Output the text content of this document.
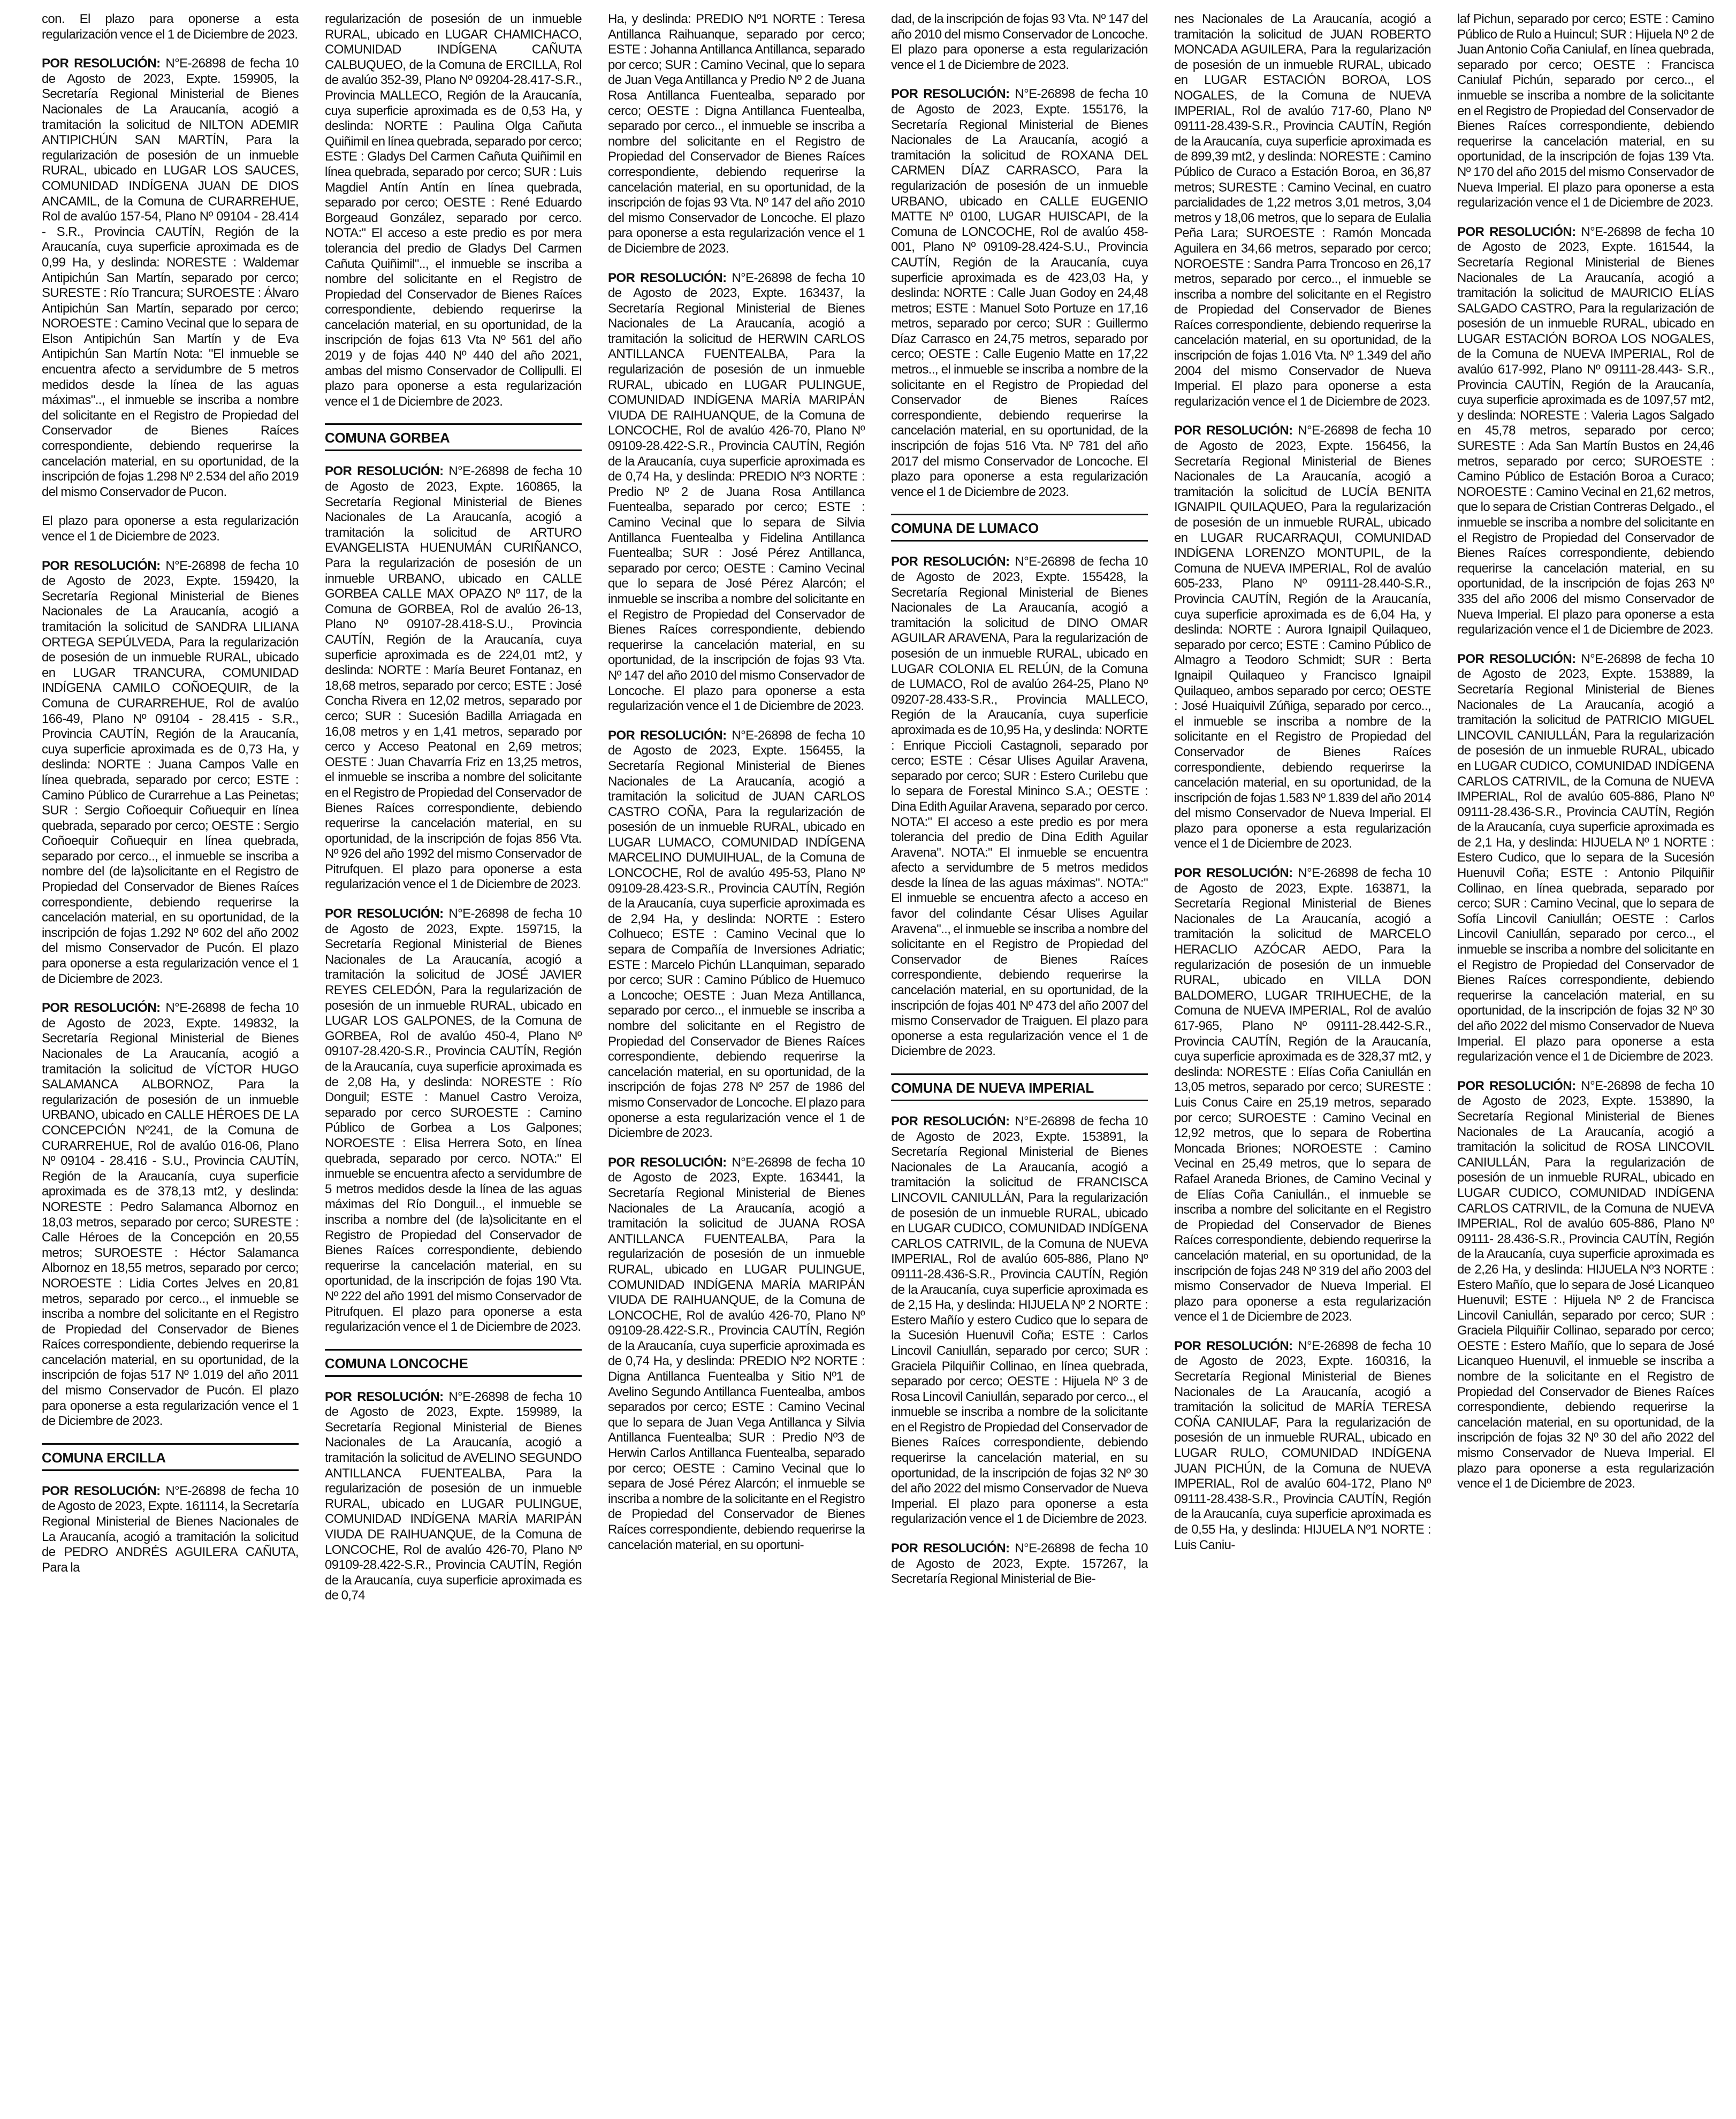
con. El plazo para oponerse a esta regularización vence el 1 de Diciembre de 2023.

POR RESOLUCIÓN: N°E-26898 de fecha 10 de Agosto de 2023, Expte. 159905, la Secretaría Regional Ministerial de Bienes Nacionales de La Araucanía, acogió a tramitación la solicitud de NILTON ADEMIR ANTIPICHÚN SAN MARTÍN, Para la regularización de posesión de un inmueble RURAL, ubicado en LUGAR LOS SAUCES, COMUNIDAD INDÍGENA JUAN DE DIOS ANCAMIL, de la Comuna de CURARREHUE, Rol de avalúo 157-54, Plano Nº 09104 - 28.414 - S.R., Provincia CAUTÍN, Región de la Araucanía, cuya superficie aproximada es de 0,99 Ha, y deslinda: NORESTE : Waldemar Antipichún San Martín, separado por cerco; SURESTE : Río Trancura; SUROESTE : Álvaro Antipichún San Martín, separado por cerco; NOROESTE : Camino Vecinal que lo separa de Elson Antipichún San Martín y de Eva Antipichún San Martín Nota: "El inmueble se encuentra afecto a servidumbre de 5 metros medidos desde la línea de las aguas máximas".., el inmueble se inscriba a nombre del solicitante en el Registro de Propiedad del Conservador de Bienes Raíces correspondiente, debiendo requerirse la cancelación material, en su oportunidad, de la inscripción de fojas 1.298 Nº 2.534 del año 2019 del mismo Conservador de Pucon.

El plazo para oponerse a esta regularización vence el 1 de Diciembre de 2023.

POR RESOLUCIÓN: N°E-26898 de fecha 10 de Agosto de 2023, Expte. 159420, la Secretaría Regional Ministerial de Bienes Nacionales de La Araucanía, acogió a tramitación la solicitud de SANDRA LILIANA ORTEGA SEPÚLVEDA, Para la regularización de posesión de un inmueble RURAL, ubicado en LUGAR TRANCURA, COMUNIDAD INDÍGENA CAMILO COÑOEQUIR, de la Comuna de CURARREHUE, Rol de avalúo 166-49, Plano Nº 09104 - 28.415 - S.R., Provincia CAUTÍN, Región de la Araucanía, cuya superficie aproximada es de 0,73 Ha, y deslinda: NORTE : Juana Campos Valle en línea quebrada, separado por cerco; ESTE : Camino Público de Curarrehue a Las Peinetas; SUR : Sergio Coñoequir Coñuequir en línea quebrada, separado por cerco; OESTE : Sergio Coñoequir Coñuequir en línea quebrada, separado por cerco.., el inmueble se inscriba a nombre del (de la)solicitante en el Registro de Propiedad del Conservador de Bienes Raíces correspondiente, debiendo requerirse la cancelación material, en su oportunidad, de la inscripción de fojas 1.292 Nº 602 del año 2002 del mismo Conservador de Pucón. El plazo para oponerse a esta regularización vence el 1 de Diciembre de 2023.

POR RESOLUCIÓN: N°E-26898 de fecha 10 de Agosto de 2023, Expte. 149832, la Secretaría Regional Ministerial de Bienes Nacionales de La Araucanía, acogió a tramitación la solicitud de VÍCTOR HUGO SALAMANCA ALBORNOZ, Para la regularización de posesión de un inmueble URBANO, ubicado en CALLE HÉROES DE LA CONCEPCIÓN Nº241, de la Comuna de CURARREHUE, Rol de avalúo 016-06, Plano Nº 09104 - 28.416 - S.U., Provincia CAUTÍN, Región de la Araucanía, cuya superficie aproximada es de 378,13 mt2, y deslinda: NORESTE : Pedro Salamanca Albornoz en 18,03 metros, separado por cerco; SURESTE : Calle Héroes de la Concepción en 20,55 metros; SUROESTE : Héctor Salamanca Albornoz en 18,55 metros, separado por cerco; NOROESTE : Lidia Cortes Jelves en 20,81 metros, separado por cerco.., el inmueble se inscriba a nombre del solicitante en el Registro de Propiedad del Conservador de Bienes Raíces correspondiente, debiendo requerirse la cancelación material, en su oportunidad, de la inscripción de fojas 517 Nº 1.019 del año 2011 del mismo Conservador de Pucón. El plazo para oponerse a esta regularización vence el 1 de Diciembre de 2023.

COMUNA ERCILLA

POR RESOLUCIÓN: N°E-26898 de fecha 10 de Agosto de 2023, Expte. 161114, la Secretaría Regional Ministerial de Bienes Nacionales de La Araucanía, acogió a tramitación la solicitud de PEDRO ANDRÉS AGUILERA CAÑUTA, Para la

regularización de posesión de un inmueble RURAL, ubicado en LUGAR CHAMICHACO, COMUNIDAD INDÍGENA CAÑUTA CALBUQUEO, de la Comuna de ERCILLA, Rol de avalúo 352-39, Plano Nº 09204-28.417-S.R., Provincia MALLECO, Región de la Araucanía, cuya superficie aproximada es de 0,53 Ha, y deslinda: NORTE : Paulina Olga Cañuta Quiñimil en línea quebrada, separado por cerco; ESTE : Gladys Del Carmen Cañuta Quiñimil en línea quebrada, separado por cerco; SUR : Luis Magdiel Antín Antín en línea quebrada, separado por cerco; OESTE : René Eduardo Borgeaud González, separado por cerco. NOTA:" El acceso a este predio es por mera tolerancia del predio de Gladys Del Carmen Cañuta Quiñimil".., el inmueble se inscriba a nombre del solicitante en el Registro de Propiedad del Conservador de Bienes Raíces correspondiente, debiendo requerirse la cancelación material, en su oportunidad, de la inscripción de fojas 613 Vta Nº 561 del año 2019 y de fojas 440 Nº 440 del año 2021, ambas del mismo Conservador de Collipulli. El plazo para oponerse a esta regularización vence el 1 de Diciembre de 2023.

COMUNA GORBEA

POR RESOLUCIÓN: N°E-26898 de fecha 10 de Agosto de 2023, Expte. 160865, la Secretaría Regional Ministerial de Bienes Nacionales de La Araucanía, acogió a tramitación la solicitud de ARTURO EVANGELISTA HUENUMÁN CURIÑANCO, Para la regularización de posesión de un inmueble URBANO, ubicado en CALLE GORBEA CALLE MAX OPAZO Nº 117, de la Comuna de GORBEA, Rol de avalúo 26-13, Plano Nº 09107-28.418-S.U., Provincia CAUTÍN, Región de la Araucanía, cuya superficie aproximada es de 224,01 mt2, y deslinda: NORTE : María Beuret Fontanaz, en 18,68 metros, separado por cerco; ESTE : José Concha Rivera en 12,02 metros, separado por cerco; SUR : Sucesión Badilla Arriagada en 16,08 metros y en 1,41 metros, separado por cerco y Acceso Peatonal en 2,69 metros; OESTE : Juan Chavarría Friz en 13,25 metros, el inmueble se inscriba a nombre del solicitante en el Registro de Propiedad del Conservador de Bienes Raíces correspondiente, debiendo requerirse la cancelación material, en su oportunidad, de la inscripción de fojas 856 Vta. Nº 926 del año 1992 del mismo Conservador de Pitrufquen. El plazo para oponerse a esta regularización vence el 1 de Diciembre de 2023.

POR RESOLUCIÓN: N°E-26898 de fecha 10 de Agosto de 2023, Expte. 159715, la Secretaría Regional Ministerial de Bienes Nacionales de La Araucanía, acogió a tramitación la solicitud de JOSÉ JAVIER REYES CELEDÓN, Para la regularización de posesión de un inmueble RURAL, ubicado en LUGAR LOS GALPONES, de la Comuna de GORBEA, Rol de avalúo 450-4, Plano Nº 09107-28.420-S.R., Provincia CAUTÍN, Región de la Araucanía, cuya superficie aproximada es de 2,08 Ha, y deslinda: NORESTE : Río Donguil; ESTE : Manuel Castro Veroiza, separado por cerco SUROESTE : Camino Público de Gorbea a Los Galpones; NOROESTE : Elisa Herrera Soto, en línea quebrada, separado por cerco. NOTA:" El inmueble se encuentra afecto a servidumbre de 5 metros medidos desde la línea de las aguas máximas del Río Donguil.., el inmueble se inscriba a nombre del (de la)solicitante en el Registro de Propiedad del Conservador de Bienes Raíces correspondiente, debiendo requerirse la cancelación material, en su oportunidad, de la inscripción de fojas 190 Vta. Nº 222 del año 1991 del mismo Conservador de Pitrufquen. El plazo para oponerse a esta regularización vence el 1 de Diciembre de 2023.

COMUNA LONCOCHE

POR RESOLUCIÓN: N°E-26898 de fecha 10 de Agosto de 2023, Expte. 159989, la Secretaría Regional Ministerial de Bienes Nacionales de La Araucanía, acogió a tramitación la solicitud de AVELINO SEGUNDO ANTILLANCA FUENTEALBA, Para la regularización de posesión de un inmueble RURAL, ubicado en LUGAR PULINGUE, COMUNIDAD INDÍGENA MARÍA MARIPÁN VIUDA DE RAIHUANQUE, de la Comuna de LONCOCHE, Rol de avalúo 426-70, Plano Nº 09109-28.422-S.R., Provincia CAUTÍN, Región de la Araucanía, cuya superficie aproximada es de 0,74

Ha, y deslinda: PREDIO Nº1 NORTE : Teresa Antillanca Raihuanque, separado por cerco; ESTE : Johanna Antillanca Antillanca, separado por cerco; SUR : Camino Vecinal, que lo separa de Juan Vega Antillanca y Predio Nº 2 de Juana Rosa Antillanca Fuentealba, separado por cerco; OESTE : Digna Antillanca Fuentealba, separado por cerco.., el inmueble se inscriba a nombre del solicitante en el Registro de Propiedad del Conservador de Bienes Raíces correspondiente, debiendo requerirse la cancelación material, en su oportunidad, de la inscripción de fojas 93 Vta. Nº 147 del año 2010 del mismo Conservador de Loncoche. El plazo para oponerse a esta regularización vence el 1 de Diciembre de 2023.

POR RESOLUCIÓN: N°E-26898 de fecha 10 de Agosto de 2023, Expte. 163437, la Secretaría Regional Ministerial de Bienes Nacionales de La Araucanía, acogió a tramitación la solicitud de HERWIN CARLOS ANTILLANCA FUENTEALBA, Para la regularización de posesión de un inmueble RURAL, ubicado en LUGAR PULINGUE, COMUNIDAD INDÍGENA MARÍA MARIPÁN VIUDA DE RAIHUANQUE, de la Comuna de LONCOCHE, Rol de avalúo 426-70, Plano Nº 09109-28.422-S.R., Provincia CAUTÍN, Región de la Araucanía, cuya superficie aproximada es de 0,74 Ha, y deslinda: PREDIO Nº3 NORTE : Predio Nº 2 de Juana Rosa Antillanca Fuentealba, separado por cerco; ESTE : Camino Vecinal que lo separa de Silvia Antillanca Fuentealba y Fidelina Antillanca Fuentealba; SUR : José Pérez Antillanca, separado por cerco; OESTE : Camino Vecinal que lo separa de José Pérez Alarcón; el inmueble se inscriba a nombre del solicitante en el Registro de Propiedad del Conservador de Bienes Raíces correspondiente, debiendo requerirse la cancelación material, en su oportunidad, de la inscripción de fojas 93 Vta. Nº 147 del año 2010 del mismo Conservador de Loncoche. El plazo para oponerse a esta regularización vence el 1 de Diciembre de 2023.

POR RESOLUCIÓN: N°E-26898 de fecha 10 de Agosto de 2023, Expte. 156455, la Secretaría Regional Ministerial de Bienes Nacionales de La Araucanía, acogió a tramitación la solicitud de JUAN CARLOS CASTRO COÑA, Para la regularización de posesión de un inmueble RURAL, ubicado en LUGAR LUMACO, COMUNIDAD INDÍGENA MARCELINO DUMUIHUAL, de la Comuna de LONCOCHE, Rol de avalúo 495-53, Plano Nº 09109-28.423-S.R., Provincia CAUTÍN, Región de la Araucanía, cuya superficie aproximada es de 2,94 Ha, y deslinda: NORTE : Estero Colhueco; ESTE : Camino Vecinal que lo separa de Compañía de Inversiones Adriatic; ESTE : Marcelo Pichún LLanquiman, separado por cerco; SUR : Camino Público de Huemuco a Loncoche; OESTE : Juan Meza Antillanca, separado por cerco.., el inmueble se inscriba a nombre del solicitante en el Registro de Propiedad del Conservador de Bienes Raíces correspondiente, debiendo requerirse la cancelación material, en su oportunidad, de la inscripción de fojas 278 Nº 257 de 1986 del mismo Conservador de Loncoche. El plazo para oponerse a esta regularización vence el 1 de Diciembre de 2023.

POR RESOLUCIÓN: N°E-26898 de fecha 10 de Agosto de 2023, Expte. 163441, la Secretaría Regional Ministerial de Bienes Nacionales de La Araucanía, acogió a tramitación la solicitud de JUANA ROSA ANTILLANCA FUENTEALBA, Para la regularización de posesión de un inmueble RURAL, ubicado en LUGAR PULINGUE, COMUNIDAD INDÍGENA MARÍA MARIPÁN VIUDA DE RAIHUANQUE, de la Comuna de LONCOCHE, Rol de avalúo 426-70, Plano Nº 09109-28.422-S.R., Provincia CAUTÍN, Región de la Araucanía, cuya superficie aproximada es de 0,74 Ha, y deslinda: PREDIO Nº2 NORTE : Digna Antillanca Fuentealba y Sitio Nº1 de Avelino Segundo Antillanca Fuentealba, ambos separados por cerco; ESTE : Camino Vecinal que lo separa de Juan Vega Antillanca y Silvia Antillanca Fuentealba; SUR : Predio Nº3 de Herwin Carlos Antillanca Fuentealba, separado por cerco; OESTE : Camino Vecinal que lo separa de José Pérez Alarcón; el inmueble se inscriba a nombre de la solicitante en el Registro de Propiedad del Conservador de Bienes Raíces correspondiente, debiendo requerirse la cancelación material, en su oportuni-

dad, de la inscripción de fojas 93 Vta. Nº 147 del año 2010 del mismo Conservador de Loncoche. El plazo para oponerse a esta regularización vence el 1 de Diciembre de 2023.

POR RESOLUCIÓN: N°E-26898 de fecha 10 de Agosto de 2023, Expte. 155176, la Secretaría Regional Ministerial de Bienes Nacionales de La Araucanía, acogió a tramitación la solicitud de ROXANA DEL CARMEN DÍAZ CARRASCO, Para la regularización de posesión de un inmueble URBANO, ubicado en CALLE EUGENIO MATTE Nº 0100, LUGAR HUISCAPI, de la Comuna de LONCOCHE, Rol de avalúo 458-001, Plano Nº 09109-28.424-S.U., Provincia CAUTÍN, Región de la Araucanía, cuya superficie aproximada es de 423,03 Ha, y deslinda: NORTE : Calle Juan Godoy en 24,48 metros; ESTE : Manuel Soto Portuze en 17,16 metros, separado por cerco; SUR : Guillermo Díaz Carrasco en 24,75 metros, separado por cerco; OESTE : Calle Eugenio Matte en 17,22 metros.., el inmueble se inscriba a nombre de la solicitante en el Registro de Propiedad del Conservador de Bienes Raíces correspondiente, debiendo requerirse la cancelación material, en su oportunidad, de la inscripción de fojas 516 Vta. Nº 781 del año 2017 del mismo Conservador de Loncoche. El plazo para oponerse a esta regularización vence el 1 de Diciembre de 2023.

COMUNA DE LUMACO

POR RESOLUCIÓN: N°E-26898 de fecha 10 de Agosto de 2023, Expte. 155428, la Secretaría Regional Ministerial de Bienes Nacionales de La Araucanía, acogió a tramitación la solicitud de DINO OMAR AGUILAR ARAVENA, Para la regularización de posesión de un inmueble RURAL, ubicado en LUGAR COLONIA EL RELÚN, de la Comuna de LUMACO, Rol de avalúo 264-25, Plano Nº 09207-28.433-S.R., Provincia MALLECO, Región de la Araucanía, cuya superficie aproximada es de 10,95 Ha, y deslinda: NORTE : Enrique Piccioli Castagnoli, separado por cerco; ESTE : César Ulises Aguilar Aravena, separado por cerco; SUR : Estero Curilebu que lo separa de Forestal Mininco S.A.; OESTE : Dina Edith Aguilar Aravena, separado por cerco. NOTA:" El acceso a este predio es por mera tolerancia del predio de Dina Edith Aguilar Aravena". NOTA:" El inmueble se encuentra afecto a servidumbre de 5 metros medidos desde la línea de las aguas máximas". NOTA:" El inmueble se encuentra afecto a acceso en favor del colindante César Ulises Aguilar Aravena".., el inmueble se inscriba a nombre del solicitante en el Registro de Propiedad del Conservador de Bienes Raíces correspondiente, debiendo requerirse la cancelación material, en su oportunidad, de la inscripción de fojas 401 Nº 473 del año 2007 del mismo Conservador de Traiguen. El plazo para oponerse a esta regularización vence el 1 de Diciembre de 2023.

COMUNA DE NUEVA IMPERIAL

POR RESOLUCIÓN: N°E-26898 de fecha 10 de Agosto de 2023, Expte. 153891, la Secretaría Regional Ministerial de Bienes Nacionales de La Araucanía, acogió a tramitación la solicitud de FRANCISCA LINCOVIL CANIULLÁN, Para la regularización de posesión de un inmueble RURAL, ubicado en LUGAR CUDICO, COMUNIDAD INDÍGENA CARLOS CATRIVIL, de la Comuna de NUEVA IMPERIAL, Rol de avalúo 605-886, Plano Nº 09111-28.436-S.R., Provincia CAUTÍN, Región de la Araucanía, cuya superficie aproximada es de 2,15 Ha, y deslinda: HIJUELA Nº 2 NORTE : Estero Mañío y estero Cudico que lo separa de la Sucesión Huenuvil Coña; ESTE : Carlos Lincovil Caniullán, separado por cerco; SUR : Graciela Pilquiñir Collinao, en línea quebrada, separado por cerco; OESTE : Hijuela Nº 3 de Rosa Lincovil Caniullán, separado por cerco.., el inmueble se inscriba a nombre de la solicitante en el Registro de Propiedad del Conservador de Bienes Raíces correspondiente, debiendo requerirse la cancelación material, en su oportunidad, de la inscripción de fojas 32 Nº 30 del año 2022 del mismo Conservador de Nueva Imperial. El plazo para oponerse a esta regularización vence el 1 de Diciembre de 2023.

POR RESOLUCIÓN: N°E-26898 de fecha 10 de Agosto de 2023, Expte. 157267, la Secretaría Regional Ministerial de Bie-

nes Nacionales de La Araucanía, acogió a tramitación la solicitud de JUAN ROBERTO MONCADA AGUILERA, Para la regularización de posesión de un inmueble RURAL, ubicado en LUGAR ESTACIÓN BOROA, LOS NOGALES, de la Comuna de NUEVA IMPERIAL, Rol de avalúo 717-60, Plano Nº 09111-28.439-S.R., Provincia CAUTÍN, Región de la Araucanía, cuya superficie aproximada es de 899,39 mt2, y deslinda: NORESTE : Camino Público de Curaco a Estación Boroa, en 36,87 metros; SURESTE : Camino Vecinal, en cuatro parcialidades de 1,22 metros 3,01 metros, 3,04 metros y 18,06 metros, que lo separa de Eulalia Peña Lara; SUROESTE : Ramón Moncada Aguilera en 34,66 metros, separado por cerco; NOROESTE : Sandra Parra Troncoso en 26,17 metros, separado por cerco.., el inmueble se inscriba a nombre del solicitante en el Registro de Propiedad del Conservador de Bienes Raíces correspondiente, debiendo requerirse la cancelación material, en su oportunidad, de la inscripción de fojas 1.016 Vta. Nº 1.349 del año 2004 del mismo Conservador de Nueva Imperial. El plazo para oponerse a esta regularización vence el 1 de Diciembre de 2023.

POR RESOLUCIÓN: N°E-26898 de fecha 10 de Agosto de 2023, Expte. 156456, la Secretaría Regional Ministerial de Bienes Nacionales de La Araucanía, acogió a tramitación la solicitud de LUCÍA BENITA IGNAIPIL QUILAQUEO, Para la regularización de posesión de un inmueble RURAL, ubicado en LUGAR RUCARRAQUI, COMUNIDAD INDÍGENA LORENZO MONTUPIL, de la Comuna de NUEVA IMPERIAL, Rol de avalúo 605-233, Plano Nº 09111-28.440-S.R., Provincia CAUTÍN, Región de la Araucanía, cuya superficie aproximada es de 6,04 Ha, y deslinda: NORTE : Aurora Ignaipil Quilaqueo, separado por cerco; ESTE : Camino Público de Almagro a Teodoro Schmidt; SUR : Berta Ignaipil Quilaqueo y Francisco Ignaipil Quilaqueo, ambos separado por cerco; OESTE : José Huaiquivil Zúñiga, separado por cerco.., el inmueble se inscriba a nombre de la solicitante en el Registro de Propiedad del Conservador de Bienes Raíces correspondiente, debiendo requerirse la cancelación material, en su oportunidad, de la inscripción de fojas 1.583 Nº 1.839 del año 2014 del mismo Conservador de Nueva Imperial. El plazo para oponerse a esta regularización vence el 1 de Diciembre de 2023.

POR RESOLUCIÓN: N°E-26898 de fecha 10 de Agosto de 2023, Expte. 163871, la Secretaría Regional Ministerial de Bienes Nacionales de La Araucanía, acogió a tramitación la solicitud de MARCELO HERACLIO AZÓCAR AEDO, Para la regularización de posesión de un inmueble RURAL, ubicado en VILLA DON BALDOMERO, LUGAR TRIHUECHE, de la Comuna de NUEVA IMPERIAL, Rol de avalúo 617-965, Plano Nº 09111-28.442-S.R., Provincia CAUTÍN, Región de la Araucanía, cuya superficie aproximada es de 328,37 mt2, y deslinda: NORESTE : Elías Coña Caniullán en 13,05 metros, separado por cerco; SURESTE : Luis Conus Caire en 25,19 metros, separado por cerco; SUROESTE : Camino Vecinal en 12,92 metros, que lo separa de Robertina Moncada Briones; NOROESTE : Camino Vecinal en 25,49 metros, que lo separa de Rafael Araneda Briones, de Camino Vecinal y de Elías Coña Caniullán., el inmueble se inscriba a nombre del solicitante en el Registro de Propiedad del Conservador de Bienes Raíces correspondiente, debiendo requerirse la cancelación material, en su oportunidad, de la inscripción de fojas 248 Nº 319 del año 2003 del mismo Conservador de Nueva Imperial. El plazo para oponerse a esta regularización vence el 1 de Diciembre de 2023.

POR RESOLUCIÓN: N°E-26898 de fecha 10 de Agosto de 2023, Expte. 160316, la Secretaría Regional Ministerial de Bienes Nacionales de La Araucanía, acogió a tramitación la solicitud de MARÍA TERESA COÑA CANIULAF, Para la regularización de posesión de un inmueble RURAL, ubicado en LUGAR RULO, COMUNIDAD INDÍGENA JUAN PICHÚN, de la Comuna de NUEVA IMPERIAL, Rol de avalúo 604-172, Plano Nº 09111-28.438-S.R., Provincia CAUTÍN, Región de la Araucanía, cuya superficie aproximada es de 0,55 Ha, y deslinda: HIJUELA Nº1 NORTE : Luis Caniu-

laf Pichun, separado por cerco; ESTE : Camino Público de Rulo a Huincul; SUR : Hijuela Nº 2 de Juan Antonio Coña Caniulaf, en línea quebrada, separado por cerco; OESTE : Francisca Caniulaf Pichún, separado por cerco.., el inmueble se inscriba a nombre de la solicitante en el Registro de Propiedad del Conservador de Bienes Raíces correspondiente, debiendo requerirse la cancelación material, en su oportunidad, de la inscripción de fojas 139 Vta. Nº 170 del año 2015 del mismo Conservador de Nueva Imperial. El plazo para oponerse a esta regularización vence el 1 de Diciembre de 2023.

POR RESOLUCIÓN: N°E-26898 de fecha 10 de Agosto de 2023, Expte. 161544, la Secretaría Regional Ministerial de Bienes Nacionales de La Araucanía, acogió a tramitación la solicitud de MAURICIO ELÍAS SALGADO CASTRO, Para la regularización de posesión de un inmueble RURAL, ubicado en LUGAR ESTACIÓN BOROA LOS NOGALES, de la Comuna de NUEVA IMPERIAL, Rol de avalúo 617-992, Plano Nº 09111-28.443- S.R., Provincia CAUTÍN, Región de la Araucanía, cuya superficie aproximada es de 1097,57 mt2, y deslinda: NORESTE : Valeria Lagos Salgado en 45,78 metros, separado por cerco; SURESTE : Ada San Martín Bustos en 24,46 metros, separado por cerco; SUROESTE : Camino Público de Estación Boroa a Curaco; NOROESTE : Camino Vecinal en 21,62 metros, que lo separa de Cristian Contreras Delgado., el inmueble se inscriba a nombre del solicitante en el Registro de Propiedad del Conservador de Bienes Raíces correspondiente, debiendo requerirse la cancelación material, en su oportunidad, de la inscripción de fojas 263 Nº 335 del año 2006 del mismo Conservador de Nueva Imperial. El plazo para oponerse a esta regularización vence el 1 de Diciembre de 2023.

POR RESOLUCIÓN: N°E-26898 de fecha 10 de Agosto de 2023, Expte. 153889, la Secretaría Regional Ministerial de Bienes Nacionales de La Araucanía, acogió a tramitación la solicitud de PATRICIO MIGUEL LINCOVIL CANIULLÁN, Para la regularización de posesión de un inmueble RURAL, ubicado en LUGAR CUDICO, COMUNIDAD INDÍGENA CARLOS CATRIVIL, de la Comuna de NUEVA IMPERIAL, Rol de avalúo 605-886, Plano Nº 09111-28.436-S.R., Provincia CAUTÍN, Región de la Araucanía, cuya superficie aproximada es de 2,1 Ha, y deslinda: HIJUELA Nº 1 NORTE : Estero Cudico, que lo separa de la Sucesión Huenuvil Coña; ESTE : Antonio Pilquiñir Collinao, en línea quebrada, separado por cerco; SUR : Camino Vecinal, que lo separa de Sofía Lincovil Caniullán; OESTE : Carlos Lincovil Caniullán, separado por cerco.., el inmueble se inscriba a nombre del solicitante en el Registro de Propiedad del Conservador de Bienes Raíces correspondiente, debiendo requerirse la cancelación material, en su oportunidad, de la inscripción de fojas 32 Nº 30 del año 2022 del mismo Conservador de Nueva Imperial. El plazo para oponerse a esta regularización vence el 1 de Diciembre de 2023.

POR RESOLUCIÓN: N°E-26898 de fecha 10 de Agosto de 2023, Expte. 153890, la Secretaría Regional Ministerial de Bienes Nacionales de La Araucanía, acogió a tramitación la solicitud de ROSA LINCOVIL CANIULLÁN, Para la regularización de posesión de un inmueble RURAL, ubicado en LUGAR CUDICO, COMUNIDAD INDÍGENA CARLOS CATRIVIL, de la Comuna de NUEVA IMPERIAL, Rol de avalúo 605-886, Plano Nº 09111- 28.436-S.R., Provincia CAUTÍN, Región de la Araucanía, cuya superficie aproximada es de 2,26 Ha, y deslinda: HIJUELA Nº3 NORTE : Estero Mañío, que lo separa de José Licanqueo Huenuvil; ESTE : Hijuela Nº 2 de Francisca Lincovil Caniullán, separado por cerco; SUR : Graciela Pilquiñir Collinao, separado por cerco; OESTE : Estero Mañío, que lo separa de José Licanqueo Huenuvil, el inmueble se inscriba a nombre de la solicitante en el Registro de Propiedad del Conservador de Bienes Raíces correspondiente, debiendo requerirse la cancelación material, en su oportunidad, de la inscripción de fojas 32 Nº 30 del año 2022 del mismo Conservador de Nueva Imperial. El plazo para oponerse a esta regularización vence el 1 de Diciembre de 2023.
